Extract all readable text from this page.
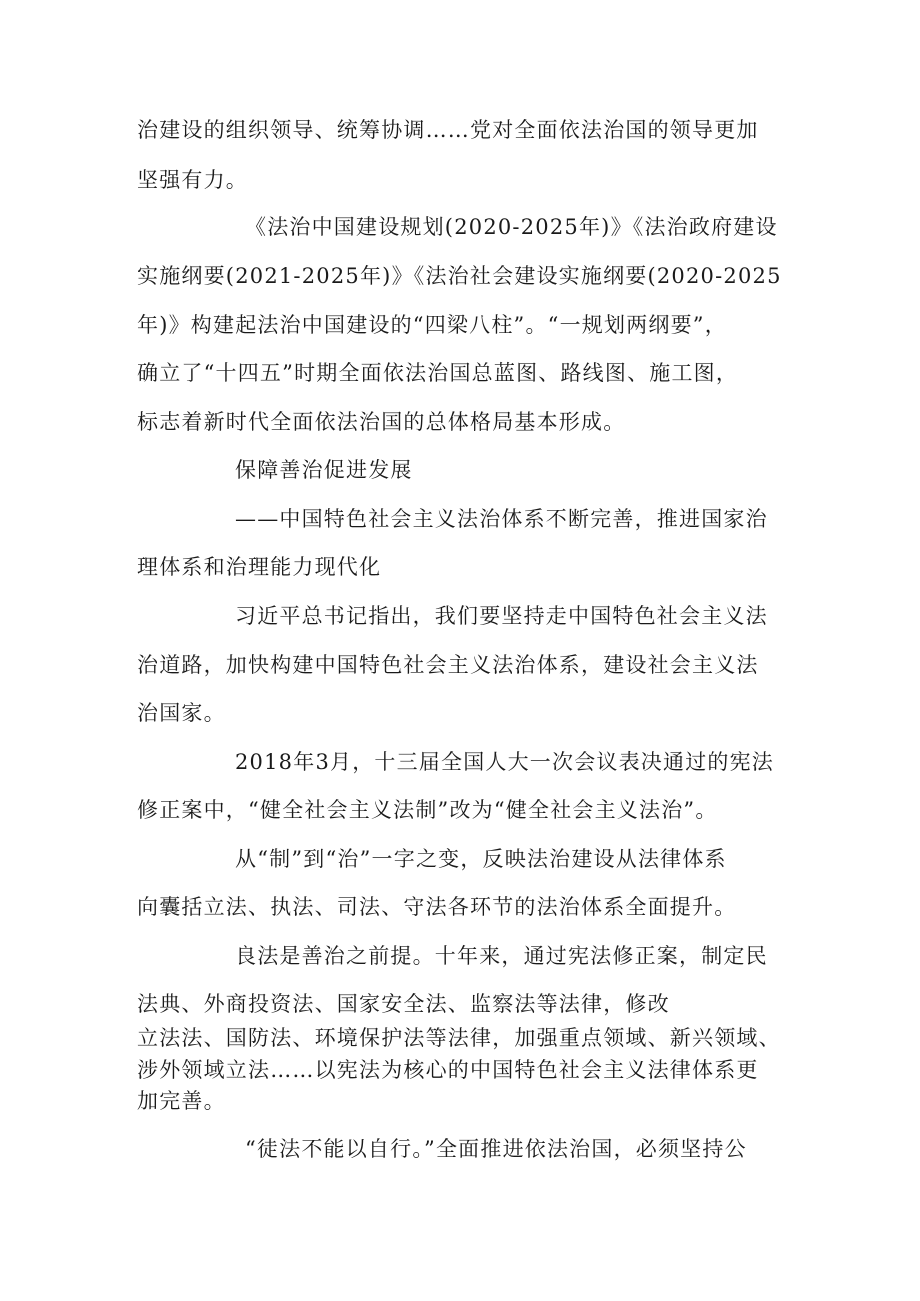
治建设的组织领导、统筹协调……党对全面依法治国的领导更加
坚强有力。
《法治中国建设规划(2020-2025年)》《法治政府建设
实施纲要(2021-2025年)》《法治社会建设实施纲要(2020-2025
年)》构建起法治中国建设的“四梁八柱”。“一规划两纲要”，
确立了“十四五”时期全面依法治国总蓝图、路线图、施工图，
标志着新时代全面依法治国的总体格局基本形成。
保障善治促进发展
——中国特色社会主义法治体系不断完善，推进国家治
理体系和治理能力现代化
习近平总书记指出，我们要坚持走中国特色社会主义法
治道路，加快构建中国特色社会主义法治体系，建设社会主义法
治国家。
2018年3月，十三届全国人大一次会议表决通过的宪法
修正案中，“健全社会主义法制”改为“健全社会主义法治”。
从“制”到“治”一字之变，反映法治建设从法律体系
向囊括立法、执法、司法、守法各环节的法治体系全面提升。
良法是善治之前提。十年来，通过宪法修正案，制定民
法典、外商投资法、国家安全法、监察法等法律，修改
立法法、国防法、环境保护法等法律，加强重点领域、新兴领域、
涉外领域立法……以宪法为核心的中国特色社会主义法律体系更
加完善。
“徒法不能以自行。”全面推进依法治国，必须坚持公
